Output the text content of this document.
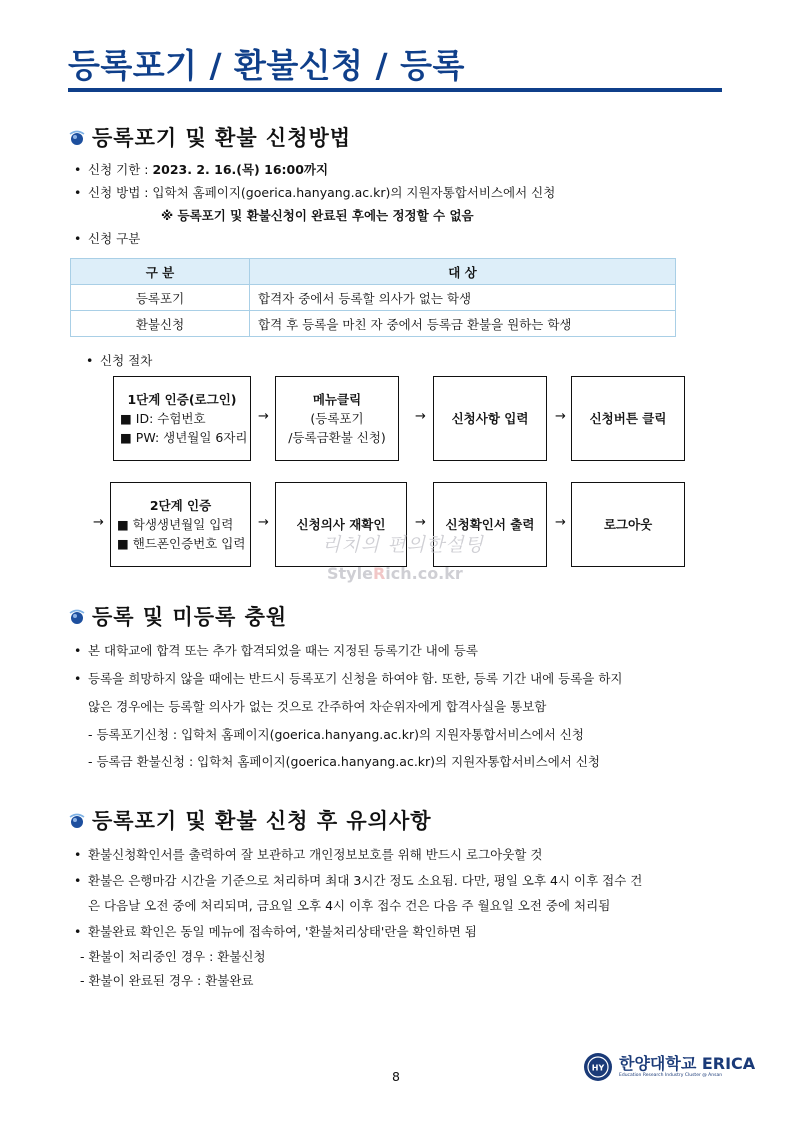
등록포기 / 환불신청 / 등록
등록포기 및 환불 신청방법
• 신청 기한 : 2023. 2. 16.(목) 16:00까지
• 신청 방법 : 입학처 홈페이지(goerica.hanyang.ac.kr)의 지원자통합서비스에서 신청
※ 등록포기 및 환불신청이 완료된 후에는 정정할 수 없음
• 신청 구분
구 분	대 상
등록포기	합격자 중에서 등록할 의사가 없는 학생
환불신청	합격 후 등록을 마친 자 중에서 등록금 환불을 원하는 학생
• 신청 절차
1단계 인증(로그인)
■ ID: 수험번호
■ PW: 생년월일 6자리
→
메뉴클릭
(등록포기
/등록금환불 신청)
→ 신청사항 입력 → 신청버튼 클릭
→
2단계 인증
■ 학생생년월일 입력
■ 핸드폰인증번호 입력
→ 신청의사 재확인 → 신청확인서 출력 →	로그아웃
리치의 편의한설팅
StyleRich.co.kr
등록 및 미등록 충원
• 본 대학교에 합격 또는 추가 합격되었을 때는 지정된 등록기간 내에 등록
• 등록을 희망하지 않을 때에는 반드시 등록포기 신청을 하여야 함. 또한, 등록 기간 내에 등록을 하지
않은 경우에는 등록할 의사가 없는 것으로 간주하여 차순위자에게 합격사실을 통보함
- 등록포기신청 : 입학처 홈페이지(goerica.hanyang.ac.kr)의 지원자통합서비스에서 신청
- 등록금 환불신청 : 입학처 홈페이지(goerica.hanyang.ac.kr)의 지원자통합서비스에서 신청
등록포기 및 환불 신청 후 유의사항
• 환불신청확인서를 출력하여 잘 보관하고 개인정보보호를 위해 반드시 로그아웃할 것
• 환불은 은행마감 시간을 기준으로 처리하며 최대 3시간 정도 소요됨. 다만, 평일 오후 4시 이후 접수 건
은 다음날 오전 중에 처리되며, 금요일 오후 4시 이후 접수 건은 다음 주 월요일 오전 중에 처리됨
• 환불완료 확인은 동일 메뉴에 접속하여, '환불처리상태'란을 확인하면 됨
- 환불이 처리중인 경우 : 환불신청
- 환불이 완료된 경우 : 환불완료
8
HY 한양대학교 ERICA
Education Research Industry Cluster @ Ansan
